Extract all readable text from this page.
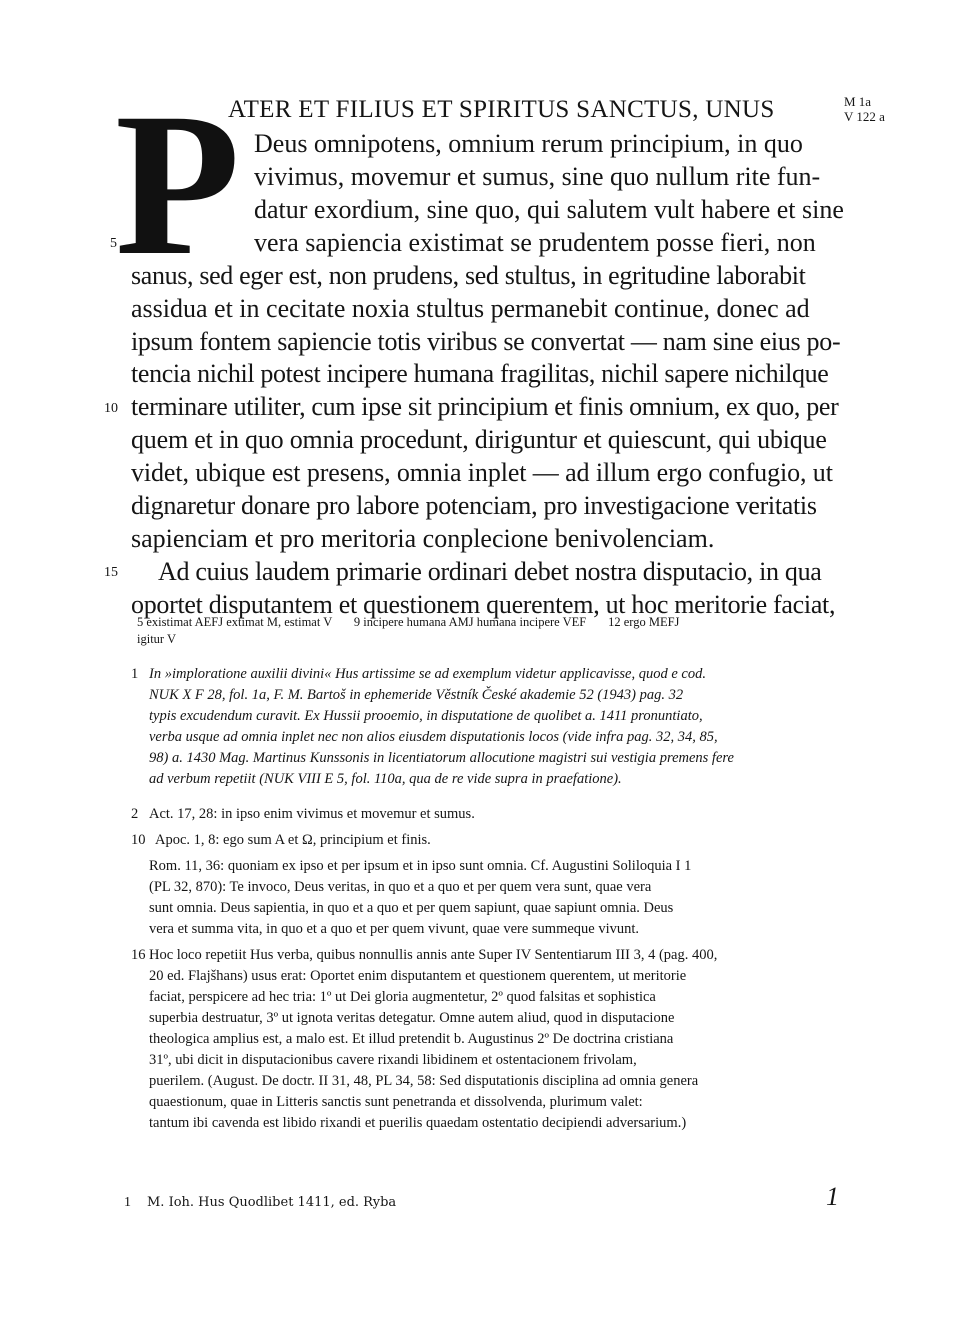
P
ATER ET FILIUS ET SPIRITUS SANCTUS, UNUS
Deus omnipotens, omnium rerum principium, in quo
vivimus, movemur et sumus, sine quo nullum rite fun-
datur exordium, sine quo, qui salutem vult habere et sine
vera sapiencia existimat se prudentem posse fieri, non
sanus, sed eger est, non prudens, sed stultus, in egritudine laborabit
assidua et in cecitate noxia stultus permanebit continue, donec ad
ipsum fontem sapiencie totis viribus se convertat — nam sine eius po-
tencia nichil potest incipere humana fragilitas, nichil sapere nichilque
terminare utiliter, cum ipse sit principium et finis omnium, ex quo, per
quem et in quo omnia procedunt, diriguntur et quiescunt, qui ubique
videt, ubique est presens, omnia inplet — ad illum ergo confugio, ut
dignaretur donare pro labore potenciam, pro investigacione veritatis
sapienciam et pro meritoria conplecione benivolenciam.
Ad cuius laudem primarie ordinari debet nostra disputacio, in qua
oportet disputantem et questionem querentem, ut hoc meritorie faciat,
5
10
15
M 1a
V 122 a
5 existimat AEFJ extimat M, estimat V       9 incipere humana AMJ humana incipere VEF       12 ergo MEFJ
igitur V
1 In »imploratione auxilii divini« Hus artissime se ad exemplum videtur applicavisse, quod e cod.
NUK X F 28, fol. 1a, F. M. Bartoš in ephemeride Věstník České akademie 52 (1943) pag. 32
typis excudendum curavit. Ex Hussii prooemio, in disputatione de quolibet a. 1411 pronuntiato,
verba usque ad omnia inplet nec non alios eiusdem disputationis locos (vide infra pag. 32, 34, 85,
98) a. 1430 Mag. Martinus Kunssonis in licentiatorum allocutione magistri sui vestigia premens fere
ad verbum repetiit (NUK VIII E 5, fol. 110a, qua de re vide supra in praefatione).
2 Act. 17, 28: in ipso enim vivimus et movemur et sumus.
10 Apoc. 1, 8: ego sum A et Ω, principium et finis.
Rom. 11, 36: quoniam ex ipso et per ipsum et in ipso sunt omnia. Cf. Augustini Soliloquia I 1
(PL 32, 870): Te invoco, Deus veritas, in quo et a quo et per quem vera sunt, quae vera
sunt omnia. Deus sapientia, in quo et a quo et per quem sapiunt, quae sapiunt omnia. Deus
vera et summa vita, in quo et a quo et per quem vivunt, quae vere summeque vivunt.
16 Hoc loco repetiit Hus verba, quibus nonnullis annis ante Super IV Sententiarum III 3, 4 (pag. 400,
20 ed. Flajšhans) usus erat: Oportet enim disputantem et questionem querentem, ut meritorie
faciat, perspicere ad hec tria: 1º ut Dei gloria augmentetur, 2º quod falsitas et sophistica
superbia destruatur, 3º ut ignota veritas detegatur. Omne autem aliud, quod in disputacione
theologica amplius est, a malo est. Et illud pretendit b. Augustinus 2º De doctrina cristiana
31º, ubi dicit in disputacionibus cavere rixandi libidinem et ostentacionem frivolam,
puerilem. (August. De doctr. II 31, 48, PL 34, 58: Sed disputationis disciplina ad omnia genera
quaestionum, quae in Litteris sanctis sunt penetranda et dissolvenda, plurimum valet:
tantum ibi cavenda est libido rixandi et puerilis quaedam ostentatio decipiendi adversarium.)
1 M. Ioh. Hus Quodlibet 1411, ed. Ryba	1
